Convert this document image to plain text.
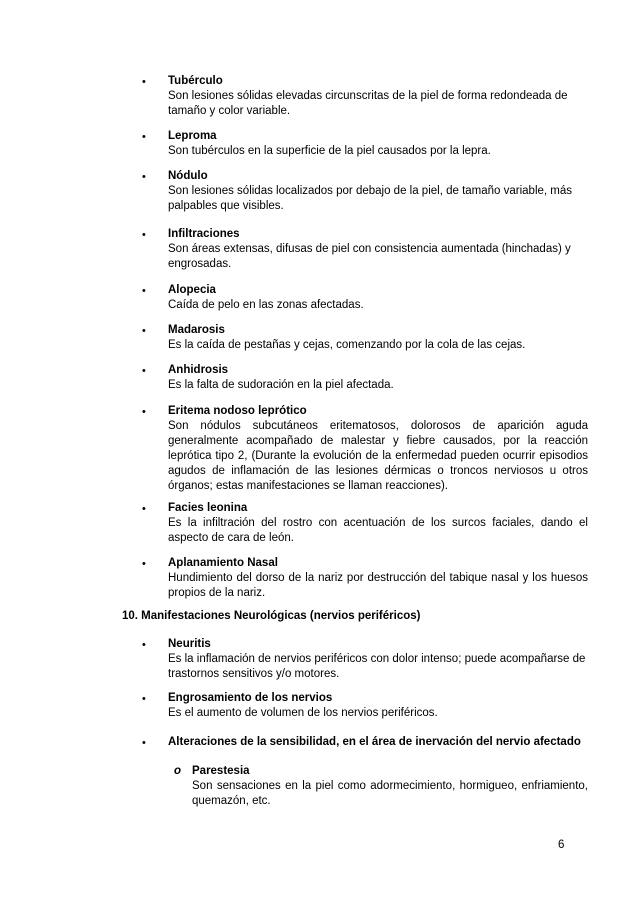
• Tubérculo
Son lesiones sólidas elevadas circunscritas de la piel de forma redondeada de tamaño y color variable.
• Leproma
Son tubérculos en la superficie de la piel causados por la lepra.
• Nódulo
Son lesiones sólidas localizados por debajo de la piel, de tamaño variable, más palpables que visibles.
• Infiltraciones
Son áreas extensas, difusas de piel con consistencia aumentada (hinchadas) y engrosadas.
• Alopecia
Caída de pelo en las zonas afectadas.
• Madarosis
Es la caída de pestañas y cejas, comenzando por la cola de las cejas.
• Anhidrosis
Es la falta de sudoración en la piel afectada.
• Eritema nodoso leprótico
Son nódulos subcutáneos eritematosos, dolorosos de aparición aguda generalmente acompañado de malestar y fiebre causados, por la reacción leprótica tipo 2, (Durante la evolución de la enfermedad pueden ocurrir episodios agudos de inflamación de las lesiones dérmicas o troncos nerviosos u otros órganos; estas manifestaciones se llaman reacciones).
• Facies leonina
Es la infiltración del rostro con acentuación de los surcos faciales, dando el aspecto de cara de león.
• Aplanamiento Nasal
Hundimiento del dorso de la nariz por destrucción del tabique nasal y los huesos propios de la nariz.
10. Manifestaciones Neurológicas (nervios periféricos)
• Neuritis
Es la inflamación de nervios periféricos con dolor intenso; puede acompañarse de trastornos sensitivos y/o motores.
• Engrosamiento de los nervios
Es el aumento de volumen de los nervios periféricos.
• Alteraciones de la sensibilidad, en el área de inervación del nervio afectado
o Parestesia
Son sensaciones en la piel como adormecimiento, hormigueo, enfriamiento, quemazón, etc.
6
